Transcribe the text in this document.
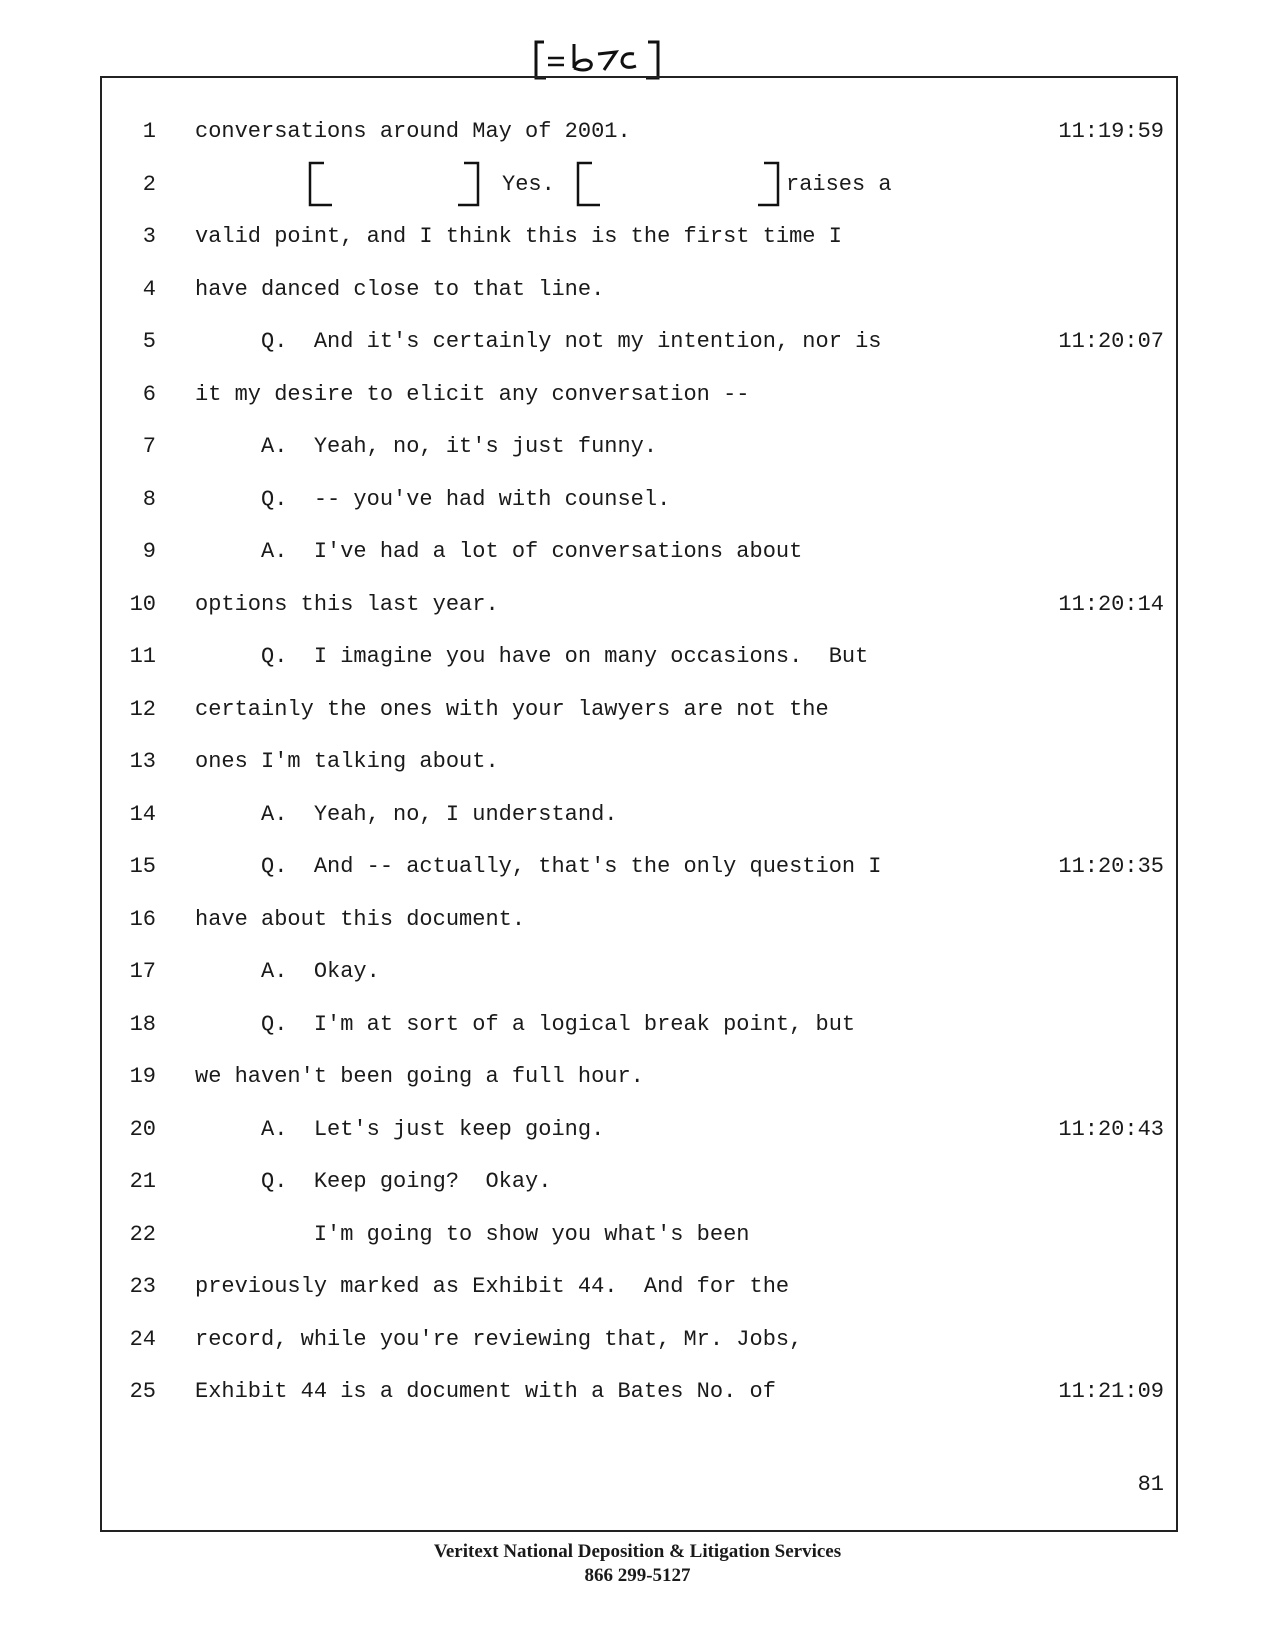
1 conversations around May of 2001.	11:19:59
2	Yes.	raises a
3 valid point, and I think this is the first time I
4 have danced close to that line.
5 Q.  And it's certainly not my intention, nor is	11:20:07
6 it my desire to elicit any conversation --
7 A.  Yeah, no, it's just funny.
8 Q.  -- you've had with counsel.
9 A.  I've had a lot of conversations about
10 options this last year.	11:20:14
11 Q.  I imagine you have on many occasions.  But
12 certainly the ones with your lawyers are not the
13 ones I'm talking about.
14 A.  Yeah, no, I understand.
15 Q.  And -- actually, that's the only question I	11:20:35
16 have about this document.
17 A.  Okay.
18 Q.  I'm at sort of a logical break point, but
19 we haven't been going a full hour.
20 A.  Let's just keep going.	11:20:43
21 Q.  Keep going?  Okay.
22 I'm going to show you what's been
23 previously marked as Exhibit 44.  And for the
24 record, while you're reviewing that, Mr. Jobs,
25 Exhibit 44 is a document with a Bates No. of	11:21:09
81
Veritext National Deposition & Litigation Services
866 299-5127
